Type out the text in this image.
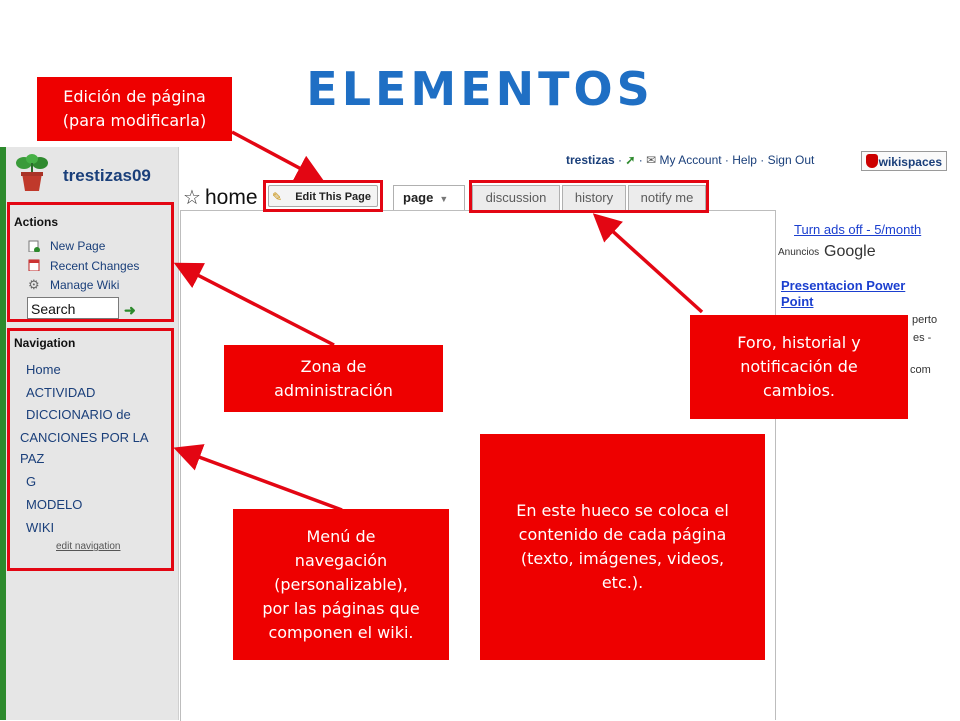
ELEMENTOS
trestizas09
trestizas · ➚ · ✉ My Account · Help · Sign Out	wikispaces
☆ home	Edit This Page
✎	page ▼	discussion	history	notify me
Actions
New Page
Recent Changes
⚙ Manage Wiki
Search	➜
Navigation
Home
ACTIVIDAD
DICCIONARIO de
CANCIONES POR LA
PAZ
G
MODELO
WIKI
edit navigation
Turn ads off - 5/month
Anuncios Google
Presentacion Power Point
perto
es -
com
Edición de página
(para modificarla)
Zona de
administración
Foro, historial y
notificación de
cambios.
Menú de
navegación
(personalizable),
por las páginas que
componen el wiki.
En este hueco se coloca el
contenido de cada página
(texto, imágenes, videos,
etc.).
